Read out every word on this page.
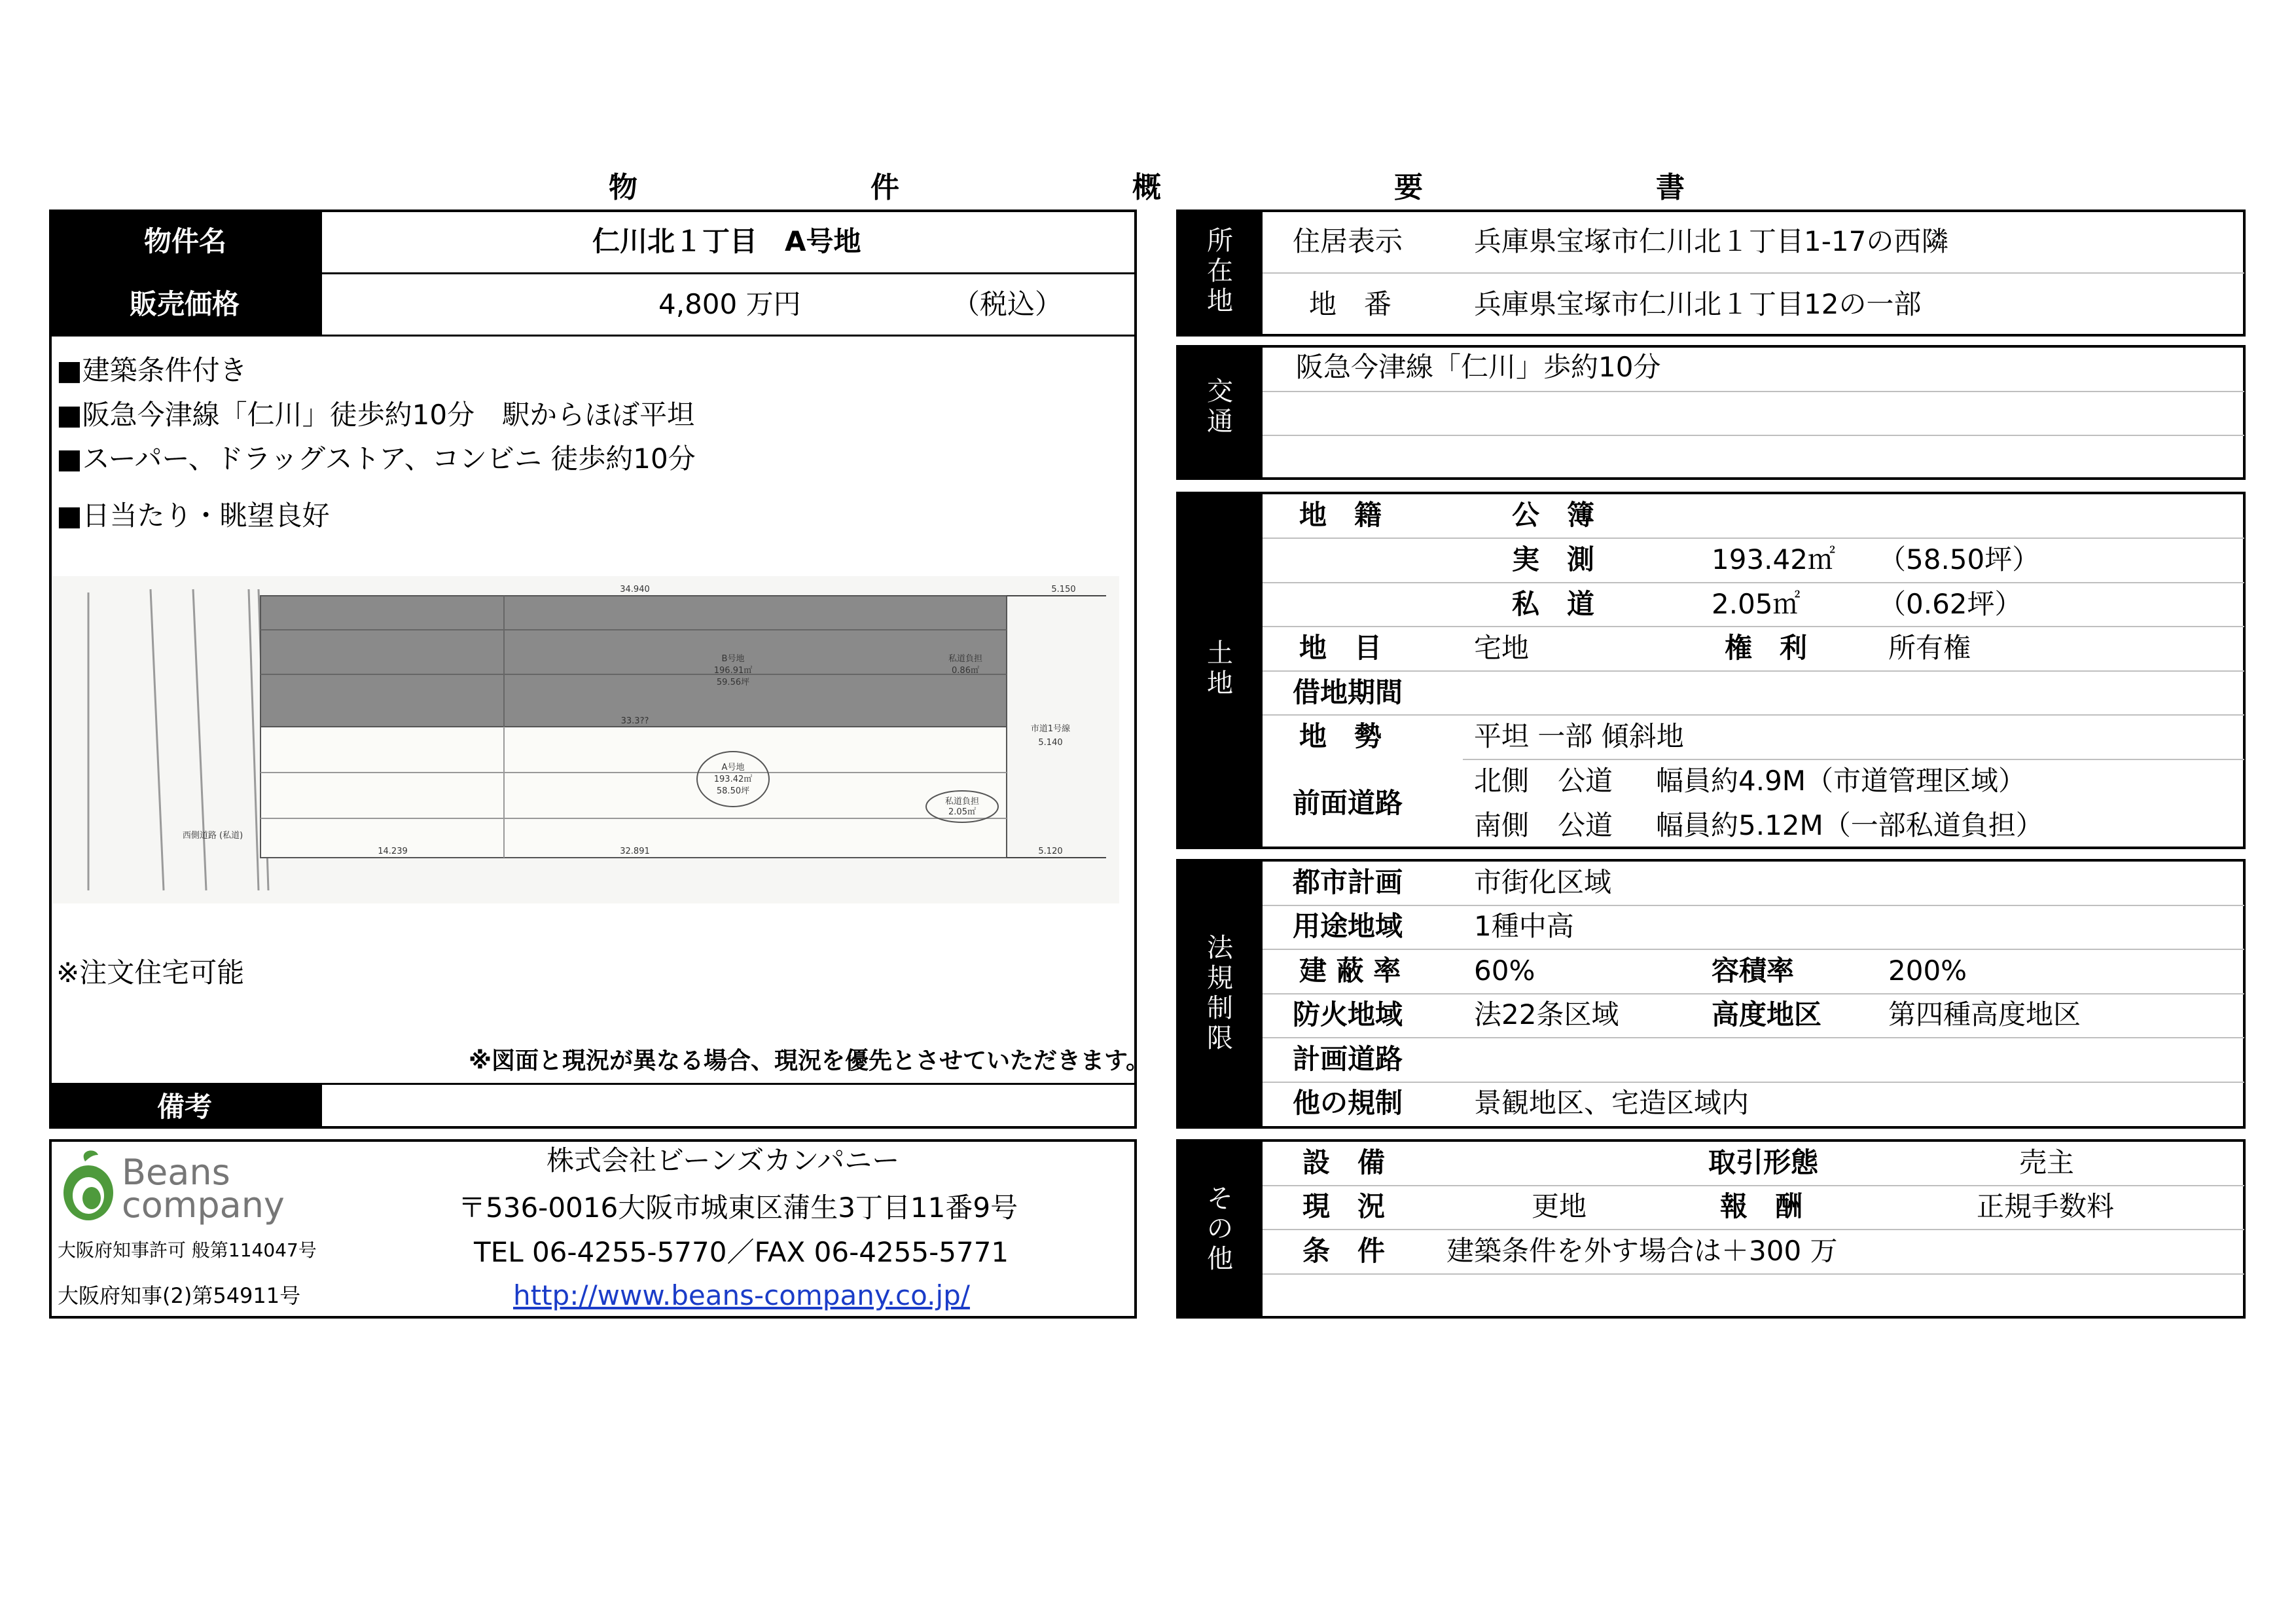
物	件	概	要	書
物件名	仁川北１丁目　A号地
販売価格	4,800 万円	（税込）
■建築条件付き
■阪急今津線「仁川」徒歩約10分　駅からほぼ平坦
■スーパー、ドラッグストア、コンビニ 徒歩約10分
■日当たり・眺望良好
B号地
196.91㎡
59.56坪
私道負担
0.86㎡
A号地
193.42㎡
58.50坪
私道負担
2.05㎡
市道1号線
34.940	5.150
33.3??
5.140
14.239	32.891	5.120
西側道路 (私道)
※注文住宅可能
※図面と現況が異なる場合、現況を優先とさせていただきます。
備考
Beans
company
大阪府知事許可 般第114047号
大阪府知事(2)第54911号
株式会社ビーンズカンパニー
〒536-0016大阪市城東区蒲生3丁目11番9号
TEL 06-4255-5770／FAX 06-4255-5771
http://www.beans-company.co.jp/
所在地
住居表示	兵庫県宝塚市仁川北１丁目1-17の西隣
地　番	兵庫県宝塚市仁川北１丁目12の一部
交通
阪急今津線「仁川」歩約10分
土地
地　籍	公　簿
実　測	193.42㎡ （58.50坪）
私　道	2.05㎡	（0.62坪）
地　目	宅地	権　利	所有権
借地期間
地　勢	平坦 一部 傾斜地
前面道路
北側 公道 幅員約4.9M（市道管理区域）
南側 公道 幅員約5.12M（一部私道負担）
法規制限
都市計画	市街化区域
用途地域	1種中高
建 蔽 率	60%	容積率	200%
防火地域	法22条区域	高度地区 第四種高度地区
計画道路
他の規制	景観地区、宅造区域内
その他
設　備	取引形態	売主
現　況	更地	報　酬	正規手数料
条　件 建築条件を外す場合は＋300 万
